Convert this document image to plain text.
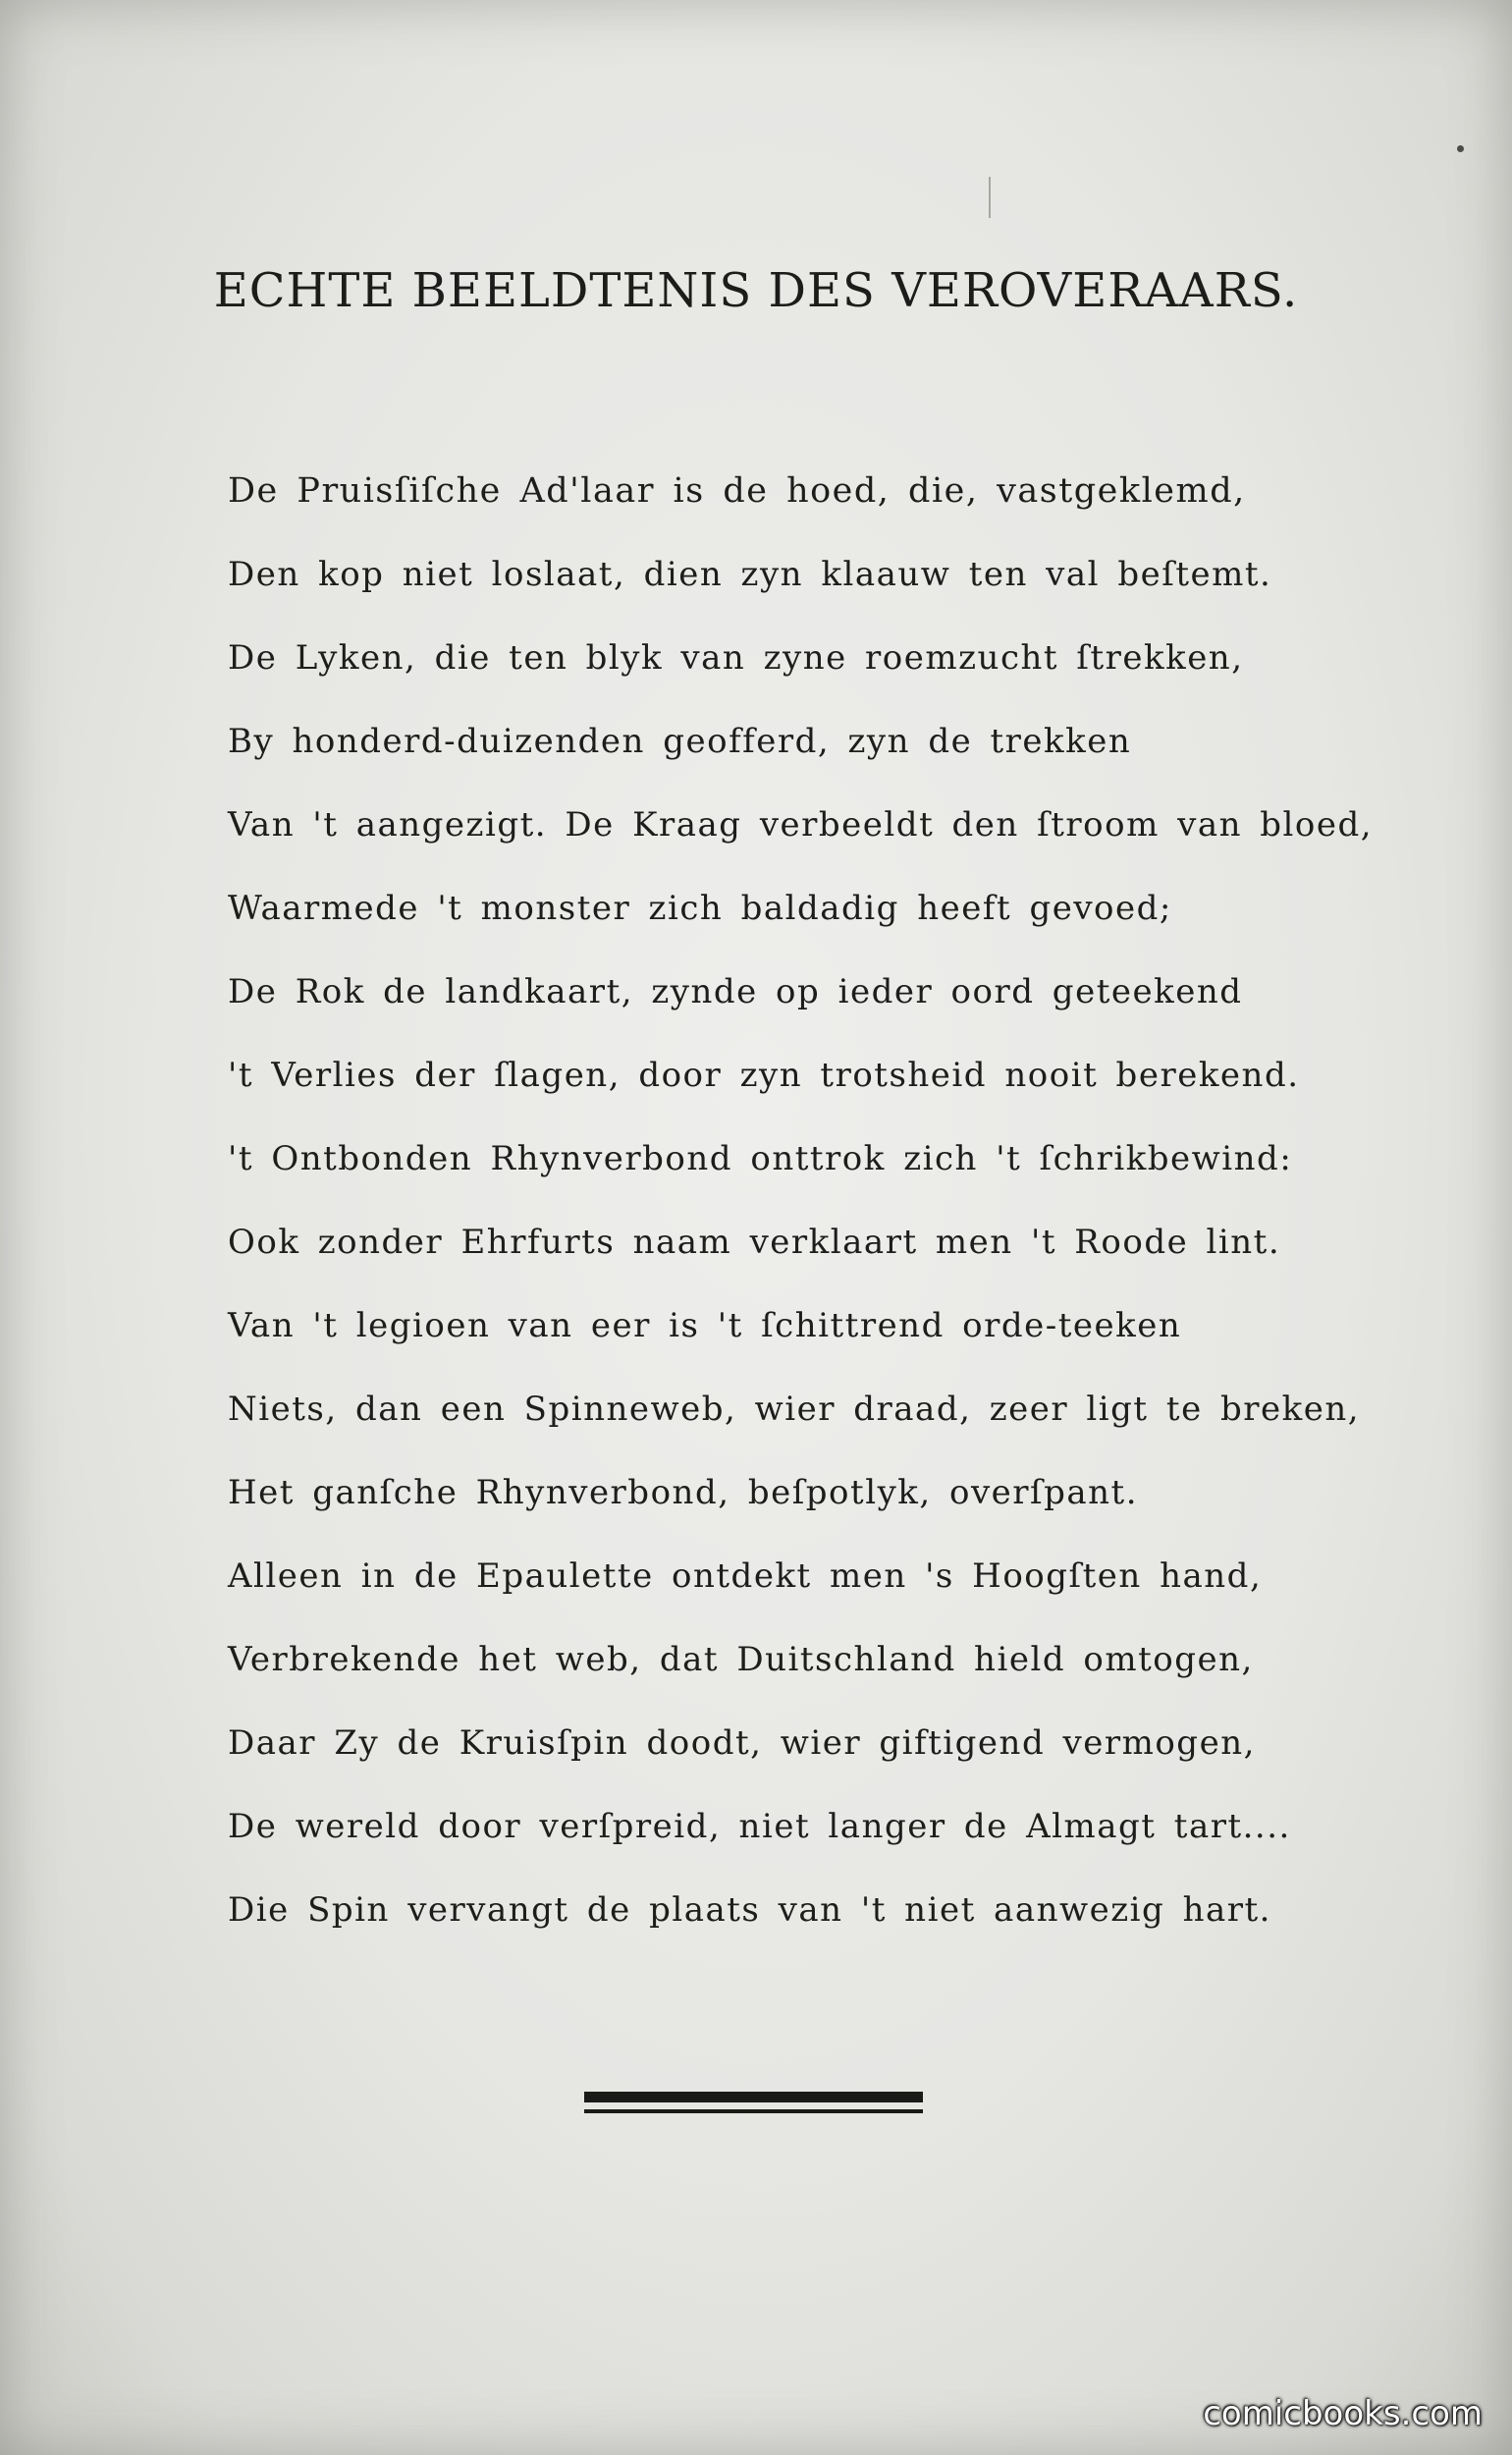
ECHTE BEELDTENIS DES VEROVERAARS.
De Pruisſiſche Ad'laar is de hoed, die, vastgeklemd,
Den kop niet loslaat, dien zyn klaauw ten val beſtemt.
De Lyken, die ten blyk van zyne roemzucht ſtrekken,
By honderd-duizenden geofferd, zyn de trekken
Van 't aangezigt. De Kraag verbeeldt den ſtroom van bloed,
Waarmede 't monster zich baldadig heeft gevoed;
De Rok de landkaart, zynde op ieder oord geteekend
't Verlies der ſlagen, door zyn trotsheid nooit berekend.
't Ontbonden Rhynverbond onttrok zich 't ſchrikbewind:
Ook zonder Ehrfurts naam verklaart men 't Roode lint.
Van 't legioen van eer is 't ſchittrend orde-teeken
Niets, dan een Spinneweb, wier draad, zeer ligt te breken,
Het ganſche Rhynverbond, beſpotlyk, overſpant.
Alleen in de Epaulette ontdekt men 's Hoogſten hand,
Verbrekende het web, dat Duitschland hield omtogen,
Daar Zy de Kruisſpin doodt, wier giftigend vermogen,
De wereld door verſpreid, niet langer de Almagt tart....
Die Spin vervangt de plaats van 't niet aanwezig hart.
comicbooks.com
